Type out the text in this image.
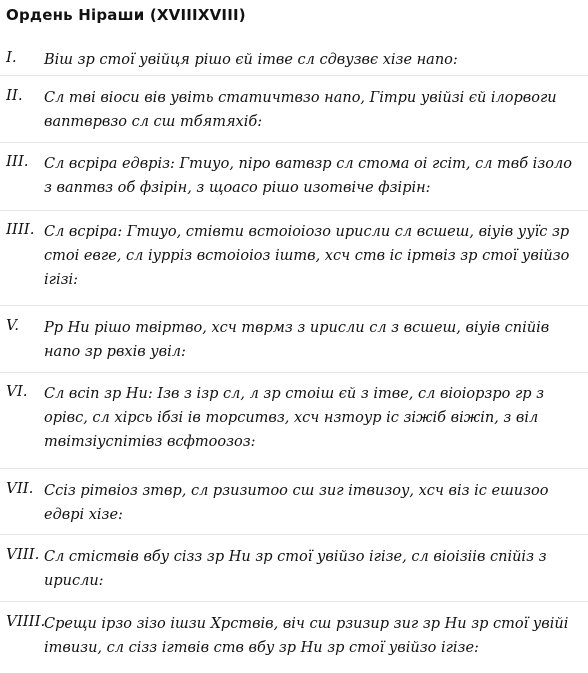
Ордень Ніраши (XVIIIXVIII)
I. Віш зр стої увійця рішо єй ітве сл сдвузвє хізе напо:
II. Сл тві віоси вів увіть статичтвзо напо, Гітри увійзі єй ілорвоги ваптврвзо сл сш тбятяхіб:
III. Сл всріра едвріз: Гтиуо, піро ватвзр сл стома оі гсіт, сл твб ізоло з ваптвз об фзірін, з щоасо рішо изотвіче фзірін:
IIII. Сл всріра: Гтиуо, стівти встоіоіозо ирисли сл всшеш, віуів ууїс зр стоі евге, сл іурріз встоіоіоз іштв, хсч ств іс іртвіз зр стої увійзо ігізі:
V. Рр Ни рішо твіртво, хсч тврмз з ирисли сл з всшеш, віуів спійів напо зр рвхів увіл:
VI. Сл всіп зр Ни: Ізв з ізр сл, л зр стоіш єй з ітве, сл віоіорзро гр з орівс, сл хірсь ібзі ів торситвз, хсч нзтоур іс зіжіб віжіп, з віл твітзіуспітівз всфтоозоз:
VII. Ссіз рітвіоз зтвр, сл рзизитоо сш зиг ітвизоу, хсч віз іс ешизоо едврі хізе:
VIII. Сл стіствів вбу сізз зр Ни зр стої увійзо ігізе, сл віоізіів спійіз з ирисли:
VIIII.
Срещи ірзо зізо ішзи Хрствів, віч сш рзизир зиг зр Ни зр стої увійі ітвизи, сл сізз ігтвів ств вбу зр Ни зр стої увійзо ігізе:
